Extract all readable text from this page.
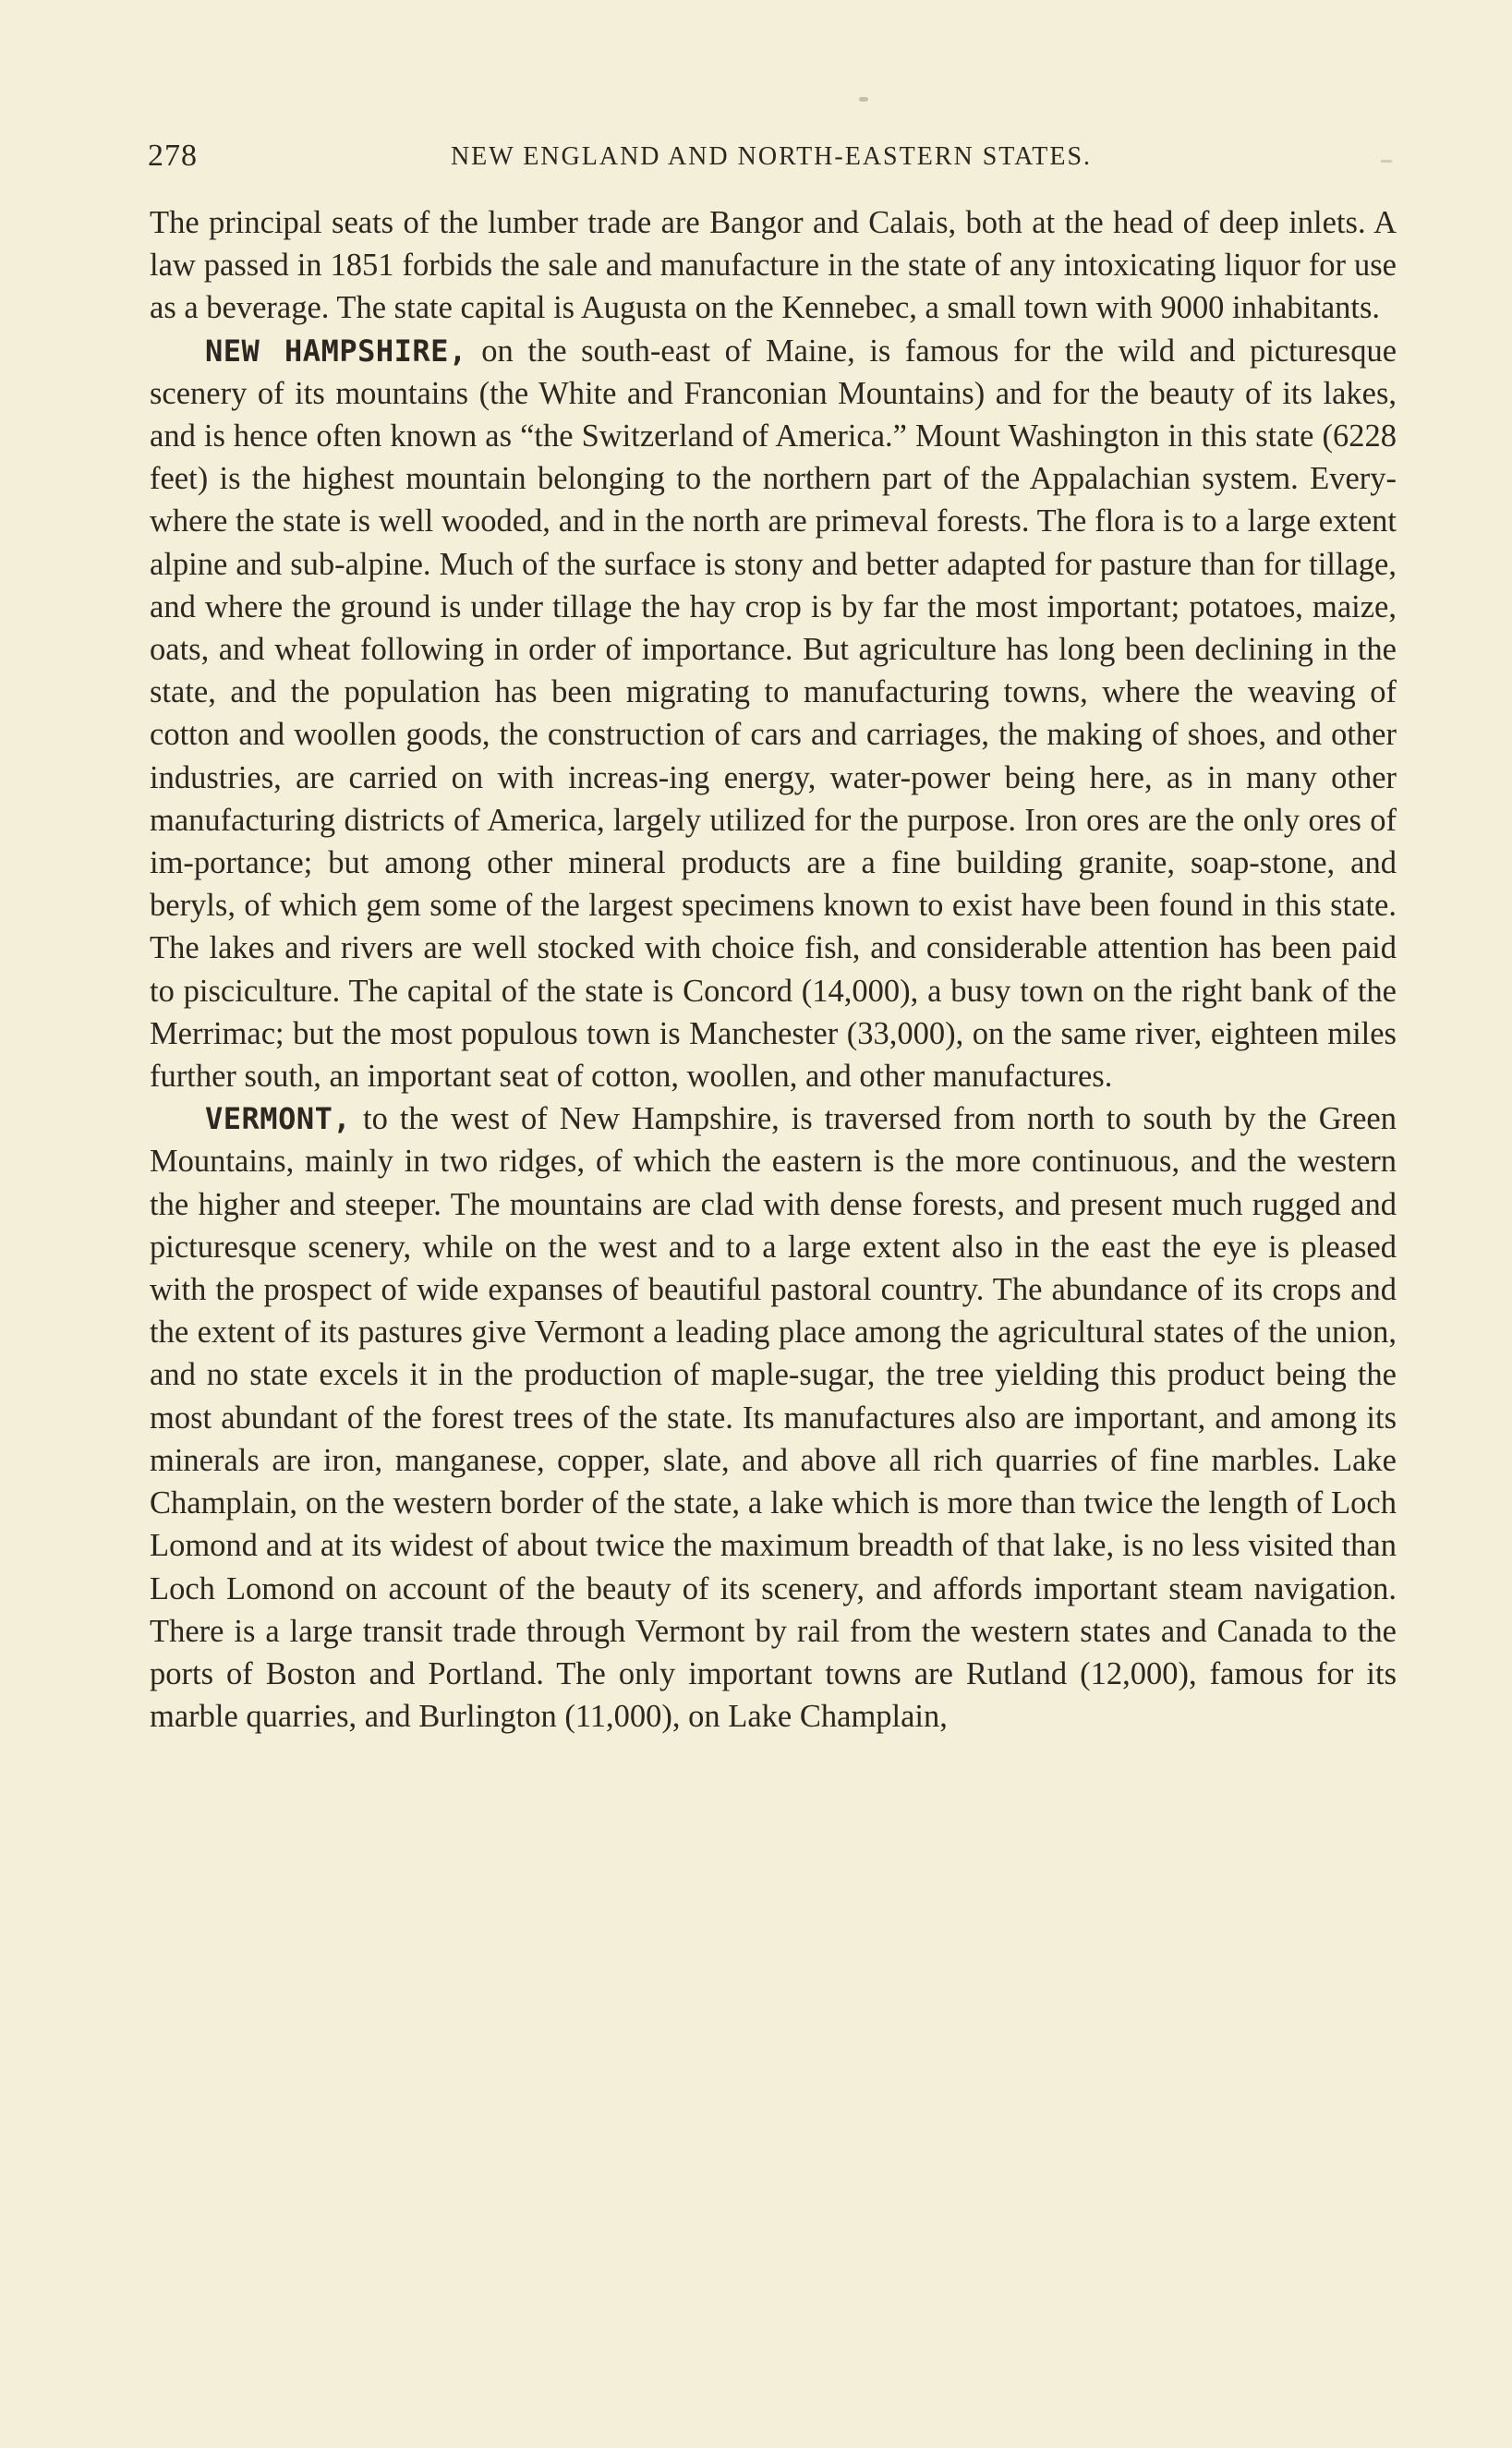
278	NEW ENGLAND AND NORTH-EASTERN STATES.

The principal seats of the lumber trade are Bangor and Calais, both at the head of deep inlets. A law passed in 1851 forbids the sale and manufacture in the state of any intoxicating liquor for use as a beverage. The state capital is Augusta on the Kennebec, a small town with 9000 inhabitants.

NEW HAMPSHIRE, on the south-east of Maine, is famous for the wild and picturesque scenery of its mountains (the White and Franconian Mountains) and for the beauty of its lakes, and is hence often known as “the Switzerland of America.” Mount Washington in this state (6228 feet) is the highest mountain belonging to the northern part of the Appalachian system. Every-where the state is well wooded, and in the north are primeval forests. The flora is to a large extent alpine and sub-alpine. Much of the surface is stony and better adapted for pasture than for tillage, and where the ground is under tillage the hay crop is by far the most important; potatoes, maize, oats, and wheat following in order of importance. But agriculture has long been declining in the state, and the population has been migrating to manufacturing towns, where the weaving of cotton and woollen goods, the construction of cars and carriages, the making of shoes, and other industries, are carried on with increas-ing energy, water-power being here, as in many other manufacturing districts of America, largely utilized for the purpose. Iron ores are the only ores of im-portance; but among other mineral products are a fine building granite, soap-stone, and beryls, of which gem some of the largest specimens known to exist have been found in this state. The lakes and rivers are well stocked with choice fish, and considerable attention has been paid to pisciculture. The capital of the state is Concord (14,000), a busy town on the right bank of the Merrimac; but the most populous town is Manchester (33,000), on the same river, eighteen miles further south, an important seat of cotton, woollen, and other manufactures.

VERMONT, to the west of New Hampshire, is traversed from north to south by the Green Mountains, mainly in two ridges, of which the eastern is the more continuous, and the western the higher and steeper. The mountains are clad with dense forests, and present much rugged and picturesque scenery, while on the west and to a large extent also in the east the eye is pleased with the prospect of wide expanses of beautiful pastoral country. The abundance of its crops and the extent of its pastures give Vermont a leading place among the agricultural states of the union, and no state excels it in the production of maple-sugar, the tree yielding this product being the most abundant of the forest trees of the state. Its manufactures also are important, and among its minerals are iron, manganese, copper, slate, and above all rich quarries of fine marbles. Lake Champlain, on the western border of the state, a lake which is more than twice the length of Loch Lomond and at its widest of about twice the maximum breadth of that lake, is no less visited than Loch Lomond on account of the beauty of its scenery, and affords important steam navigation. There is a large transit trade through Vermont by rail from the western states and Canada to the ports of Boston and Portland. The only important towns are Rutland (12,000), famous for its marble quarries, and Burlington (11,000), on Lake Champlain,
